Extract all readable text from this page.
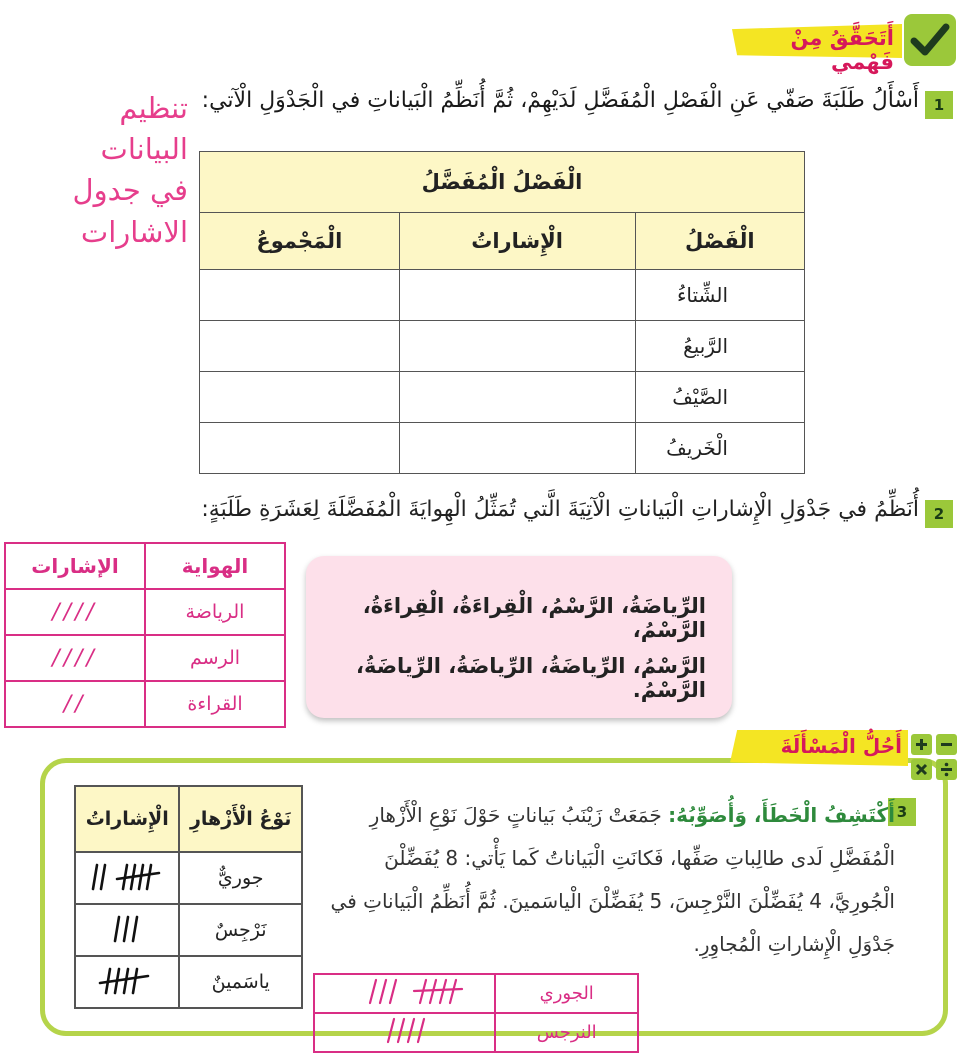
أَتَحَقَّقُ مِنْ فَهْمي
1
أَسْأَلُ طَلَبَةَ صَفّي عَنِ الْفَصْلِ الْمُفَضَّلِ لَدَيْهِمْ، ثُمَّ أُنَظِّمُ الْبَياناتِ في الْجَدْوَلِ الْآتي:
تنظيم البيانات
في جدول
الاشارات
الْفَصْلُ الْمُفَضَّلُ		
الْمَجْموعُ	الْإِشاراتُ	الْفَصْلُ
		الشِّتاءُ
		الرَّبيعُ
		الصَّيْفُ
		الْخَريفُ
2
أُنَظِّمُ في جَدْوَلِ الْإِشاراتِ الْبَياناتِ الْآتِيَةَ الَّتي تُمَثِّلُ الْهِوايَةَ الْمُفَضَّلَةَ لِعَشَرَةِ طَلَبَةٍ:
الإشارات	الهواية
////	الرياضة
////	الرسم
//	القراءة

الرِّياضَةُ، الرَّسْمُ، الْقِراءَةُ، الْقِراءَةُ، الرَّسْمُ،

الرَّسْمُ، الرِّياضَةُ، الرِّياضَةُ، الرِّياضَةُ، الرَّسْمُ.

أَحُلُّ الْمَسْأَلَةَ
3
أَكْتَشِفُ الْخَطَأَ، وَأُصَوِّبُهُ: جَمَعَتْ زَيْنَبُ بَياناتٍ حَوْلَ نَوْعِ الْأَزْهارِ الْمُفَضَّلِ لَدى طالِباتِ صَفِّها، فَكانَتِ الْبَياناتُ كَما يَأْتي: 8 يُفَضِّلْنَ الْجُورِيَّ، 4 يُفَضِّلْنَ النَّرْجِسَ، 5 يُفَضِّلْنَ الْياسَمينَ. ثُمَّ أُنَظِّمُ الْبَياناتِ في جَدْوَلِ الْإِشاراتِ الْمُجاوِرِ.
الْإِشاراتُ	نَوْعُ الْأَزْهارِ
	جوريٌّ
	نَرْجِسٌ
	ياسَمينٌ
	الجوري
	النرجس
